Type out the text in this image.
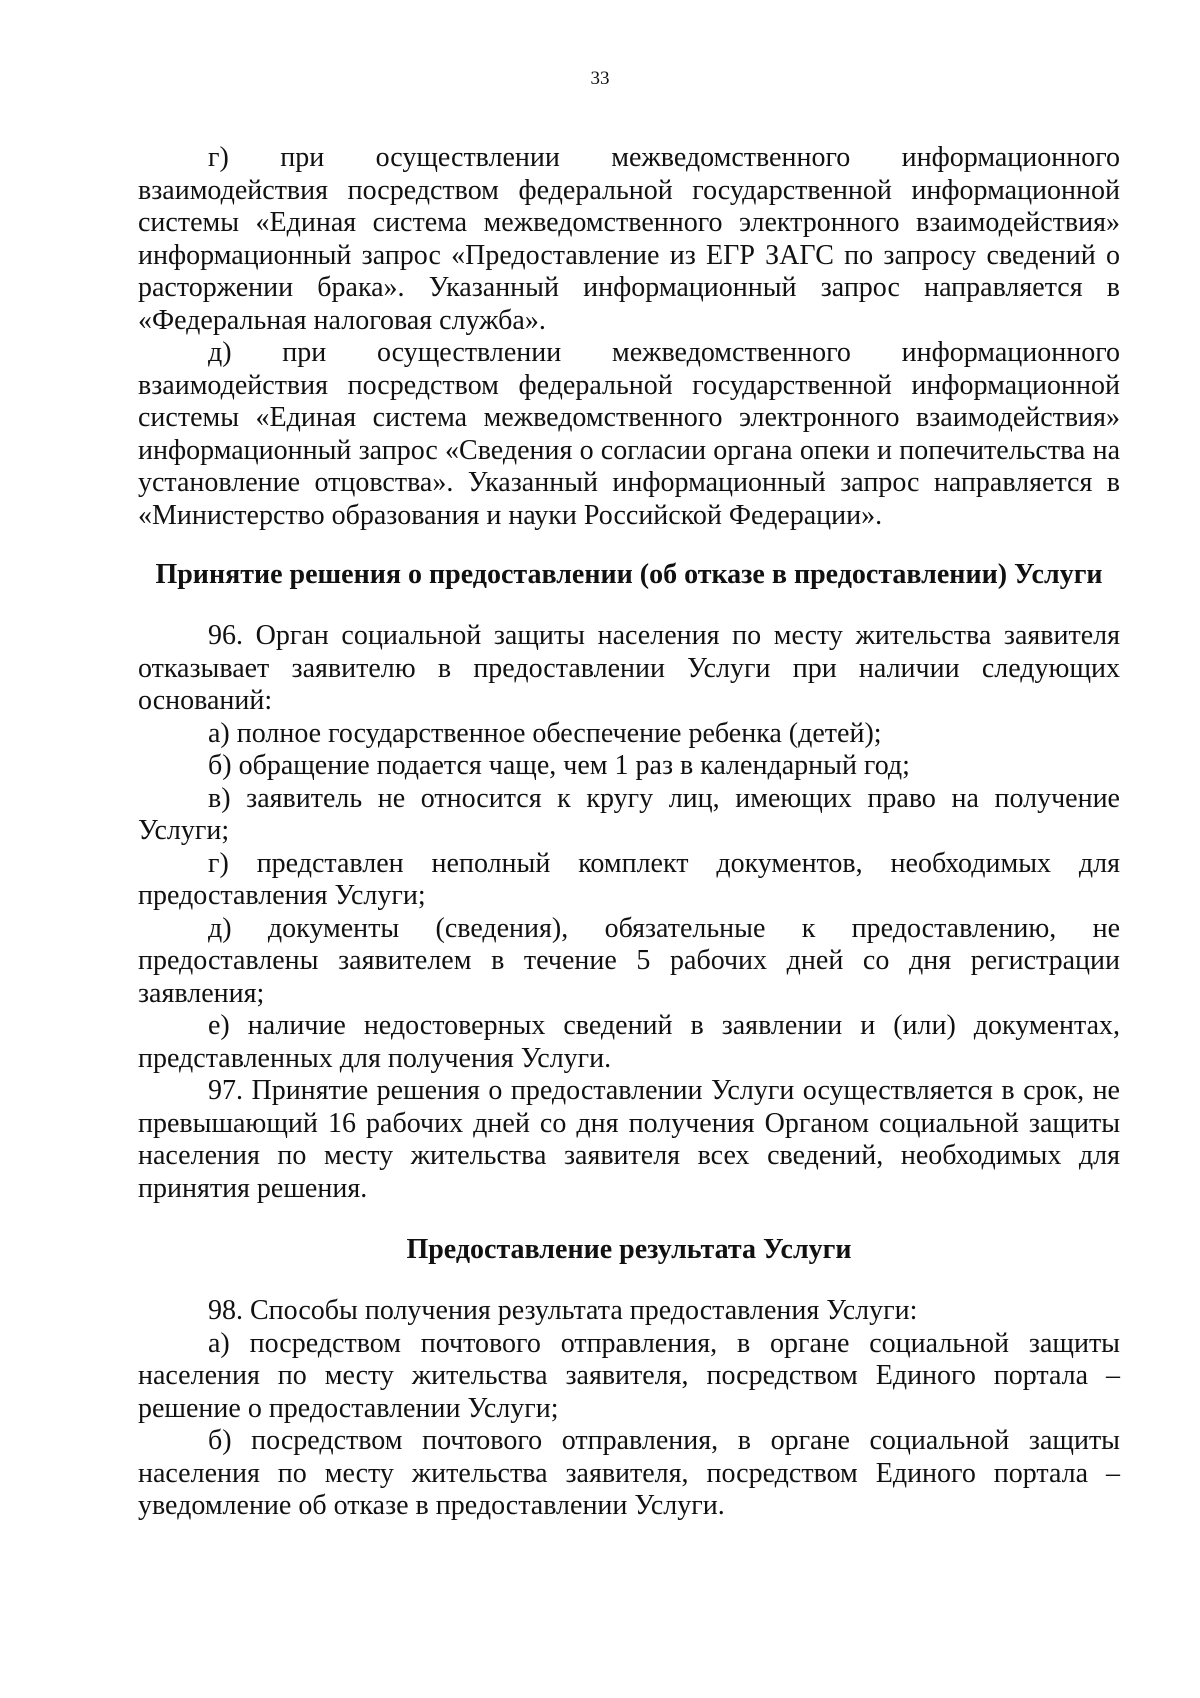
33

г) при осуществлении межведомственного информационного взаимодействия посредством федеральной государственной информационной системы «Единая система межведомственного электронного взаимодействия» информационный запрос «Предоставление из ЕГР ЗАГС по запросу сведений о расторжении брака». Указанный информационный запрос направляется в «Федеральная налоговая служба».

д) при осуществлении межведомственного информационного взаимодействия посредством федеральной государственной информационной системы «Единая система межведомственного электронного взаимодействия» информационный запрос «Сведения о согласии органа опеки и попечительства на установление отцовства». Указанный информационный запрос направляется в «Министерство образования и науки Российской Федерации».

Принятие решения о предоставлении (об отказе в предоставлении) Услуги

96. Орган социальной защиты населения по месту жительства заявителя отказывает заявителю в предоставлении Услуги при наличии следующих оснований:

а) полное государственное обеспечение ребенка (детей);

б) обращение подается чаще, чем 1 раз в календарный год;

в) заявитель не относится к кругу лиц, имеющих право на получение Услуги;

г) представлен неполный комплект документов, необходимых для предоставления Услуги;

д) документы (сведения), обязательные к предоставлению, не предоставлены заявителем в течение 5 рабочих дней со дня регистрации заявления;

е) наличие недостоверных сведений в заявлении и (или) документах, представленных для получения Услуги.

97. Принятие решения о предоставлении Услуги осуществляется в срок, не превышающий 16 рабочих дней со дня получения Органом социальной защиты населения по месту жительства заявителя всех сведений, необходимых для принятия решения.

Предоставление результата Услуги

98. Способы получения результата предоставления Услуги:

а) посредством почтового отправления, в органе социальной защиты населения по месту жительства заявителя, посредством Единого портала – решение о предоставлении Услуги;

б) посредством почтового отправления, в органе социальной защиты населения по месту жительства заявителя, посредством Единого портала – уведомление об отказе в предоставлении Услуги.
